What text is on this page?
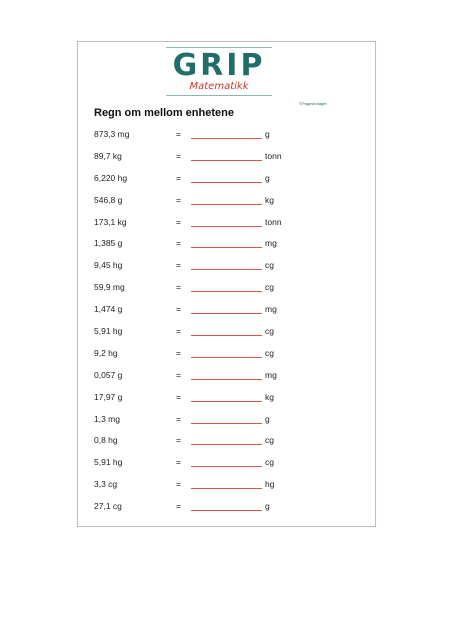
GRIP
Matematikk
©Pagesforlaget
Regn om mellom enhetene
873,3 mg	=	g
89,7 kg	=	tonn
6,220 hg	=	g
546,8 g	=	kg
173,1 kg	=	tonn
1,385 g	=	mg
9,45 hg	=	cg
59,9 mg	=	cg
1,474 g	=	mg
5,91 hg	=	cg
9,2 hg	=	cg
0,057 g	=	mg
17,97 g	=	kg
1,3 mg	=	g
0,8 hg	=	cg
5,91 hg	=	cg
3,3 cg	=	hg
27,1 cg	=	g
